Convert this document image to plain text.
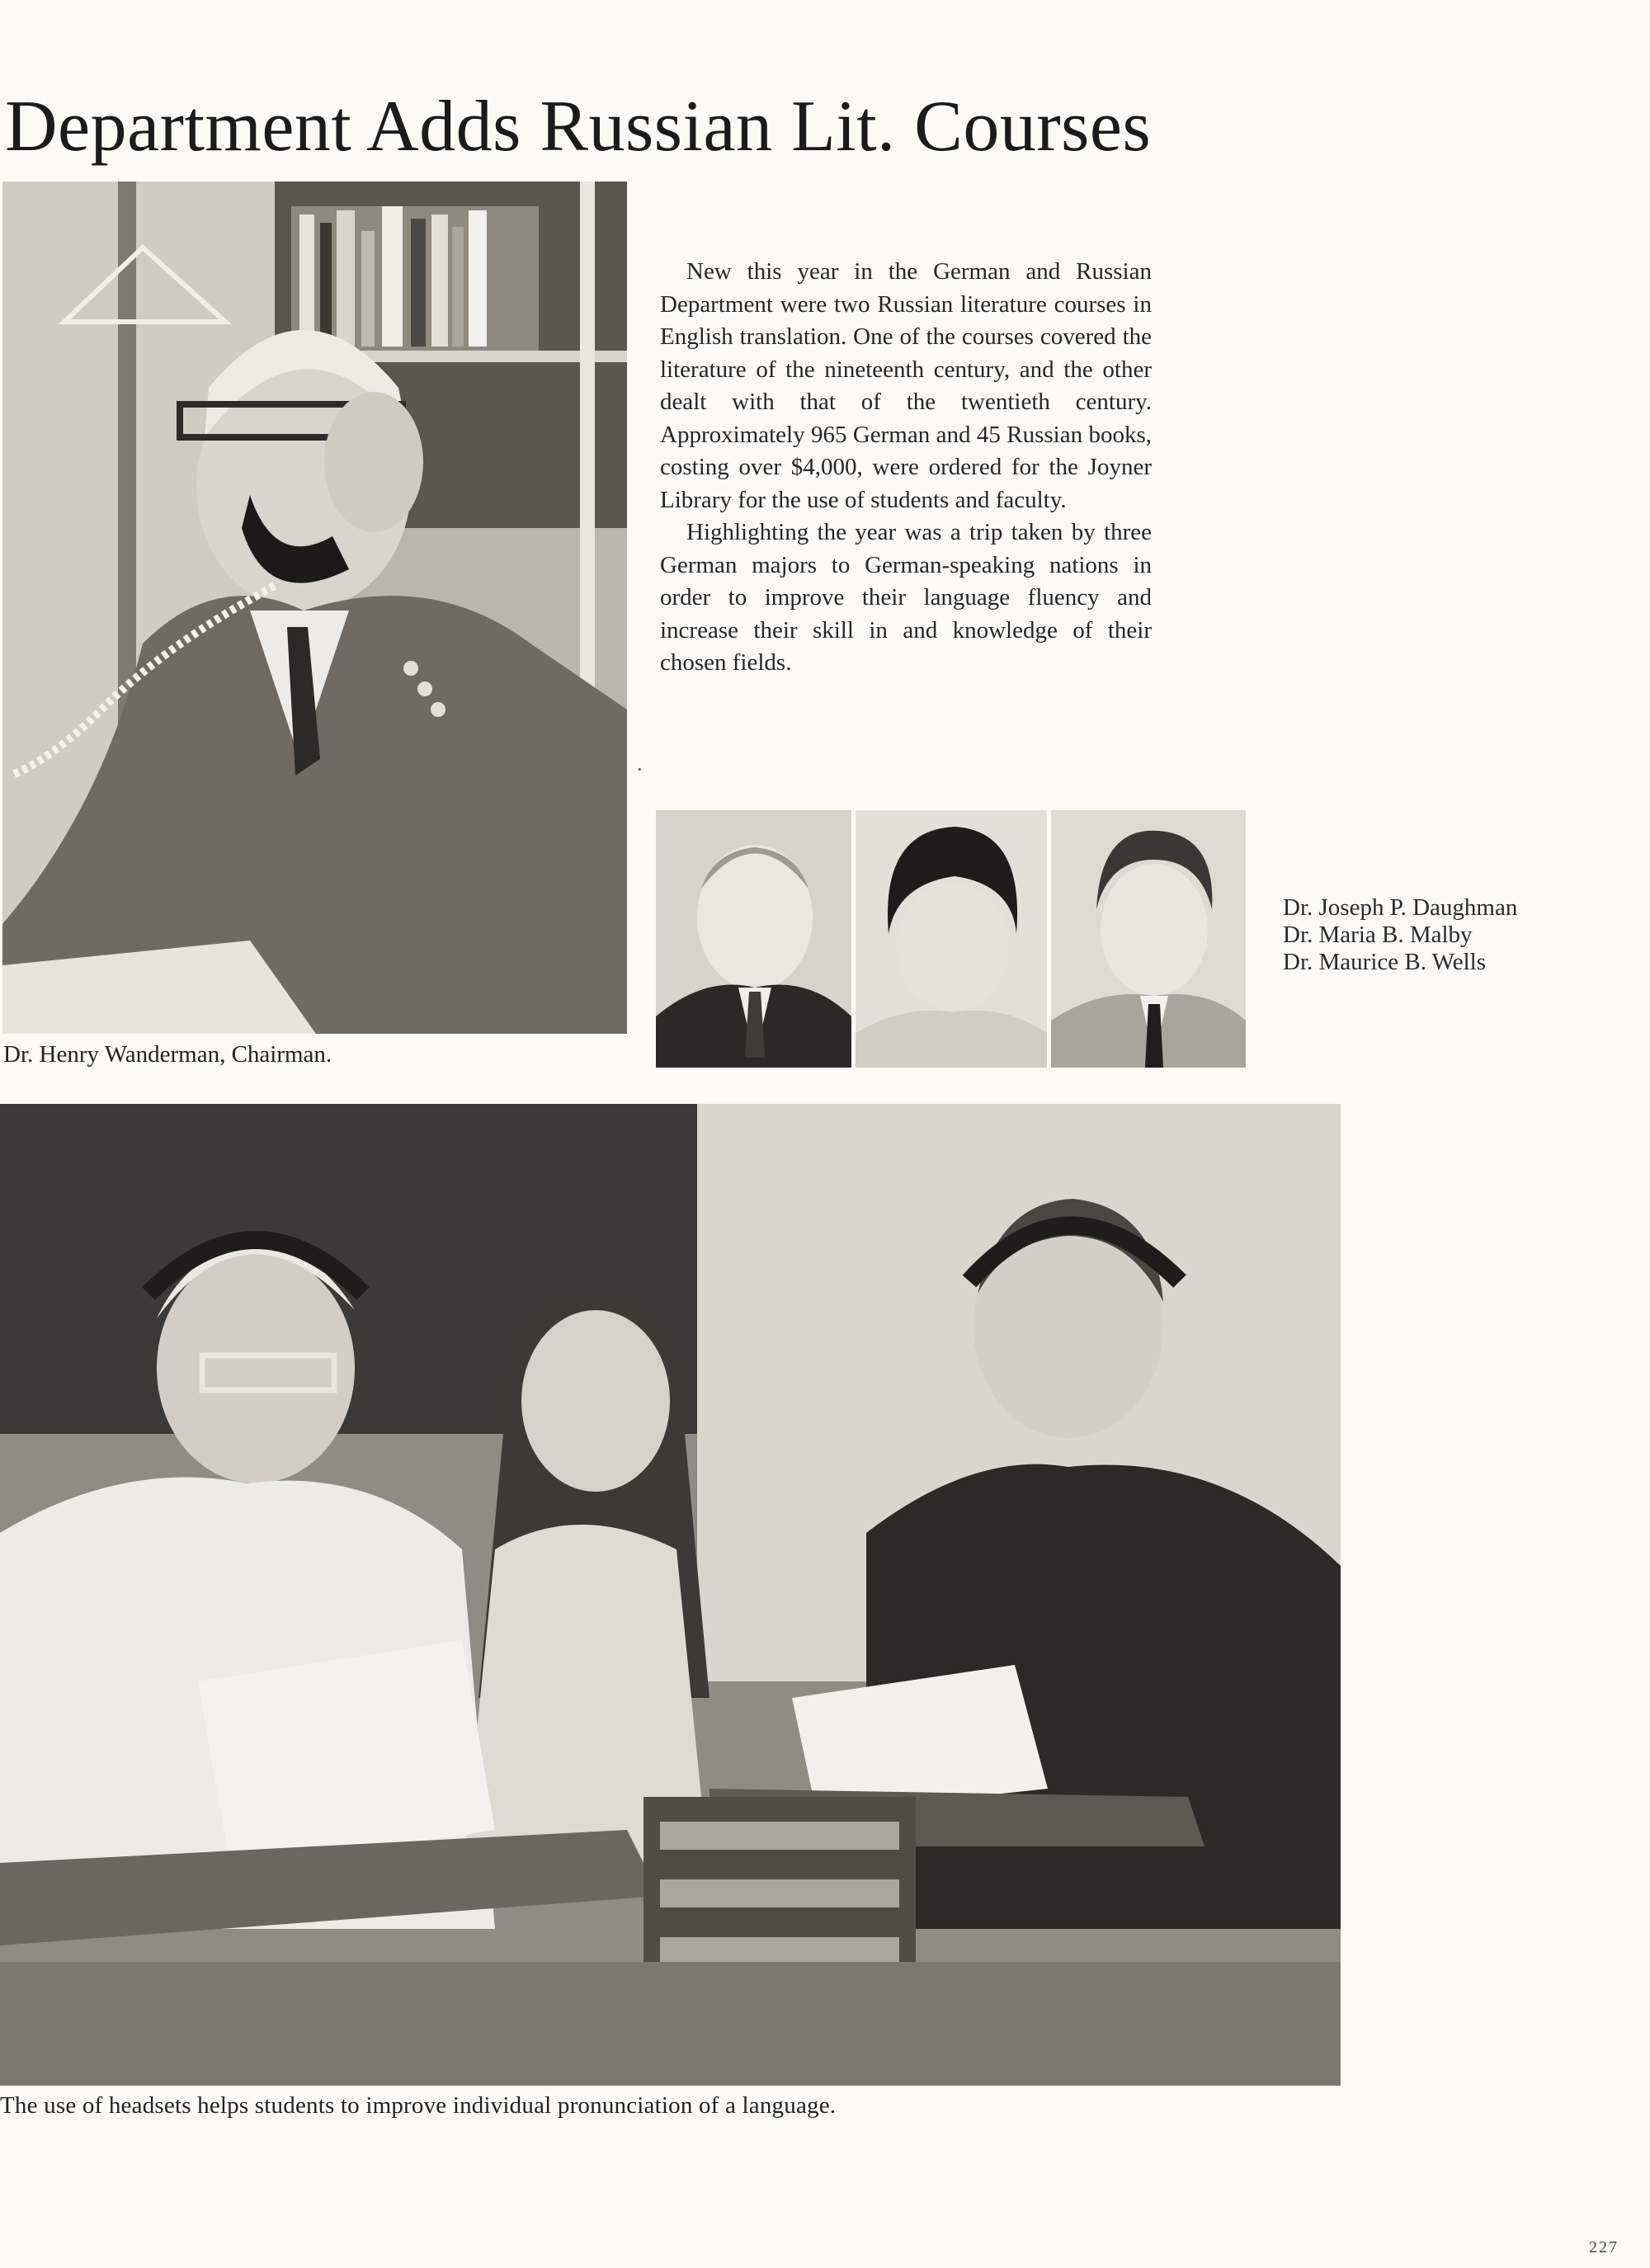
Department Adds Russian Lit. Courses
Dr. Henry Wanderman, Chairman.

New this year in the German and Russian Department were two Russian literature courses in English translation. One of the courses covered the literature of the nineteenth century, and the other dealt with that of the twentieth century. Approximately 965 German and 45 Russian books, costing over $4,000, were ordered for the Joyner Library for the use of students and faculty.

Highlighting the year was a trip taken by three German majors to German-speaking nations in order to improve their language fluency and increase their skill in and knowledge of their chosen fields.

·
Dr. Joseph P. Daughman
Dr. Maria B. Malby
Dr. Maurice B. Wells
The use of headsets helps students to improve individual pronunciation of a language.
227
